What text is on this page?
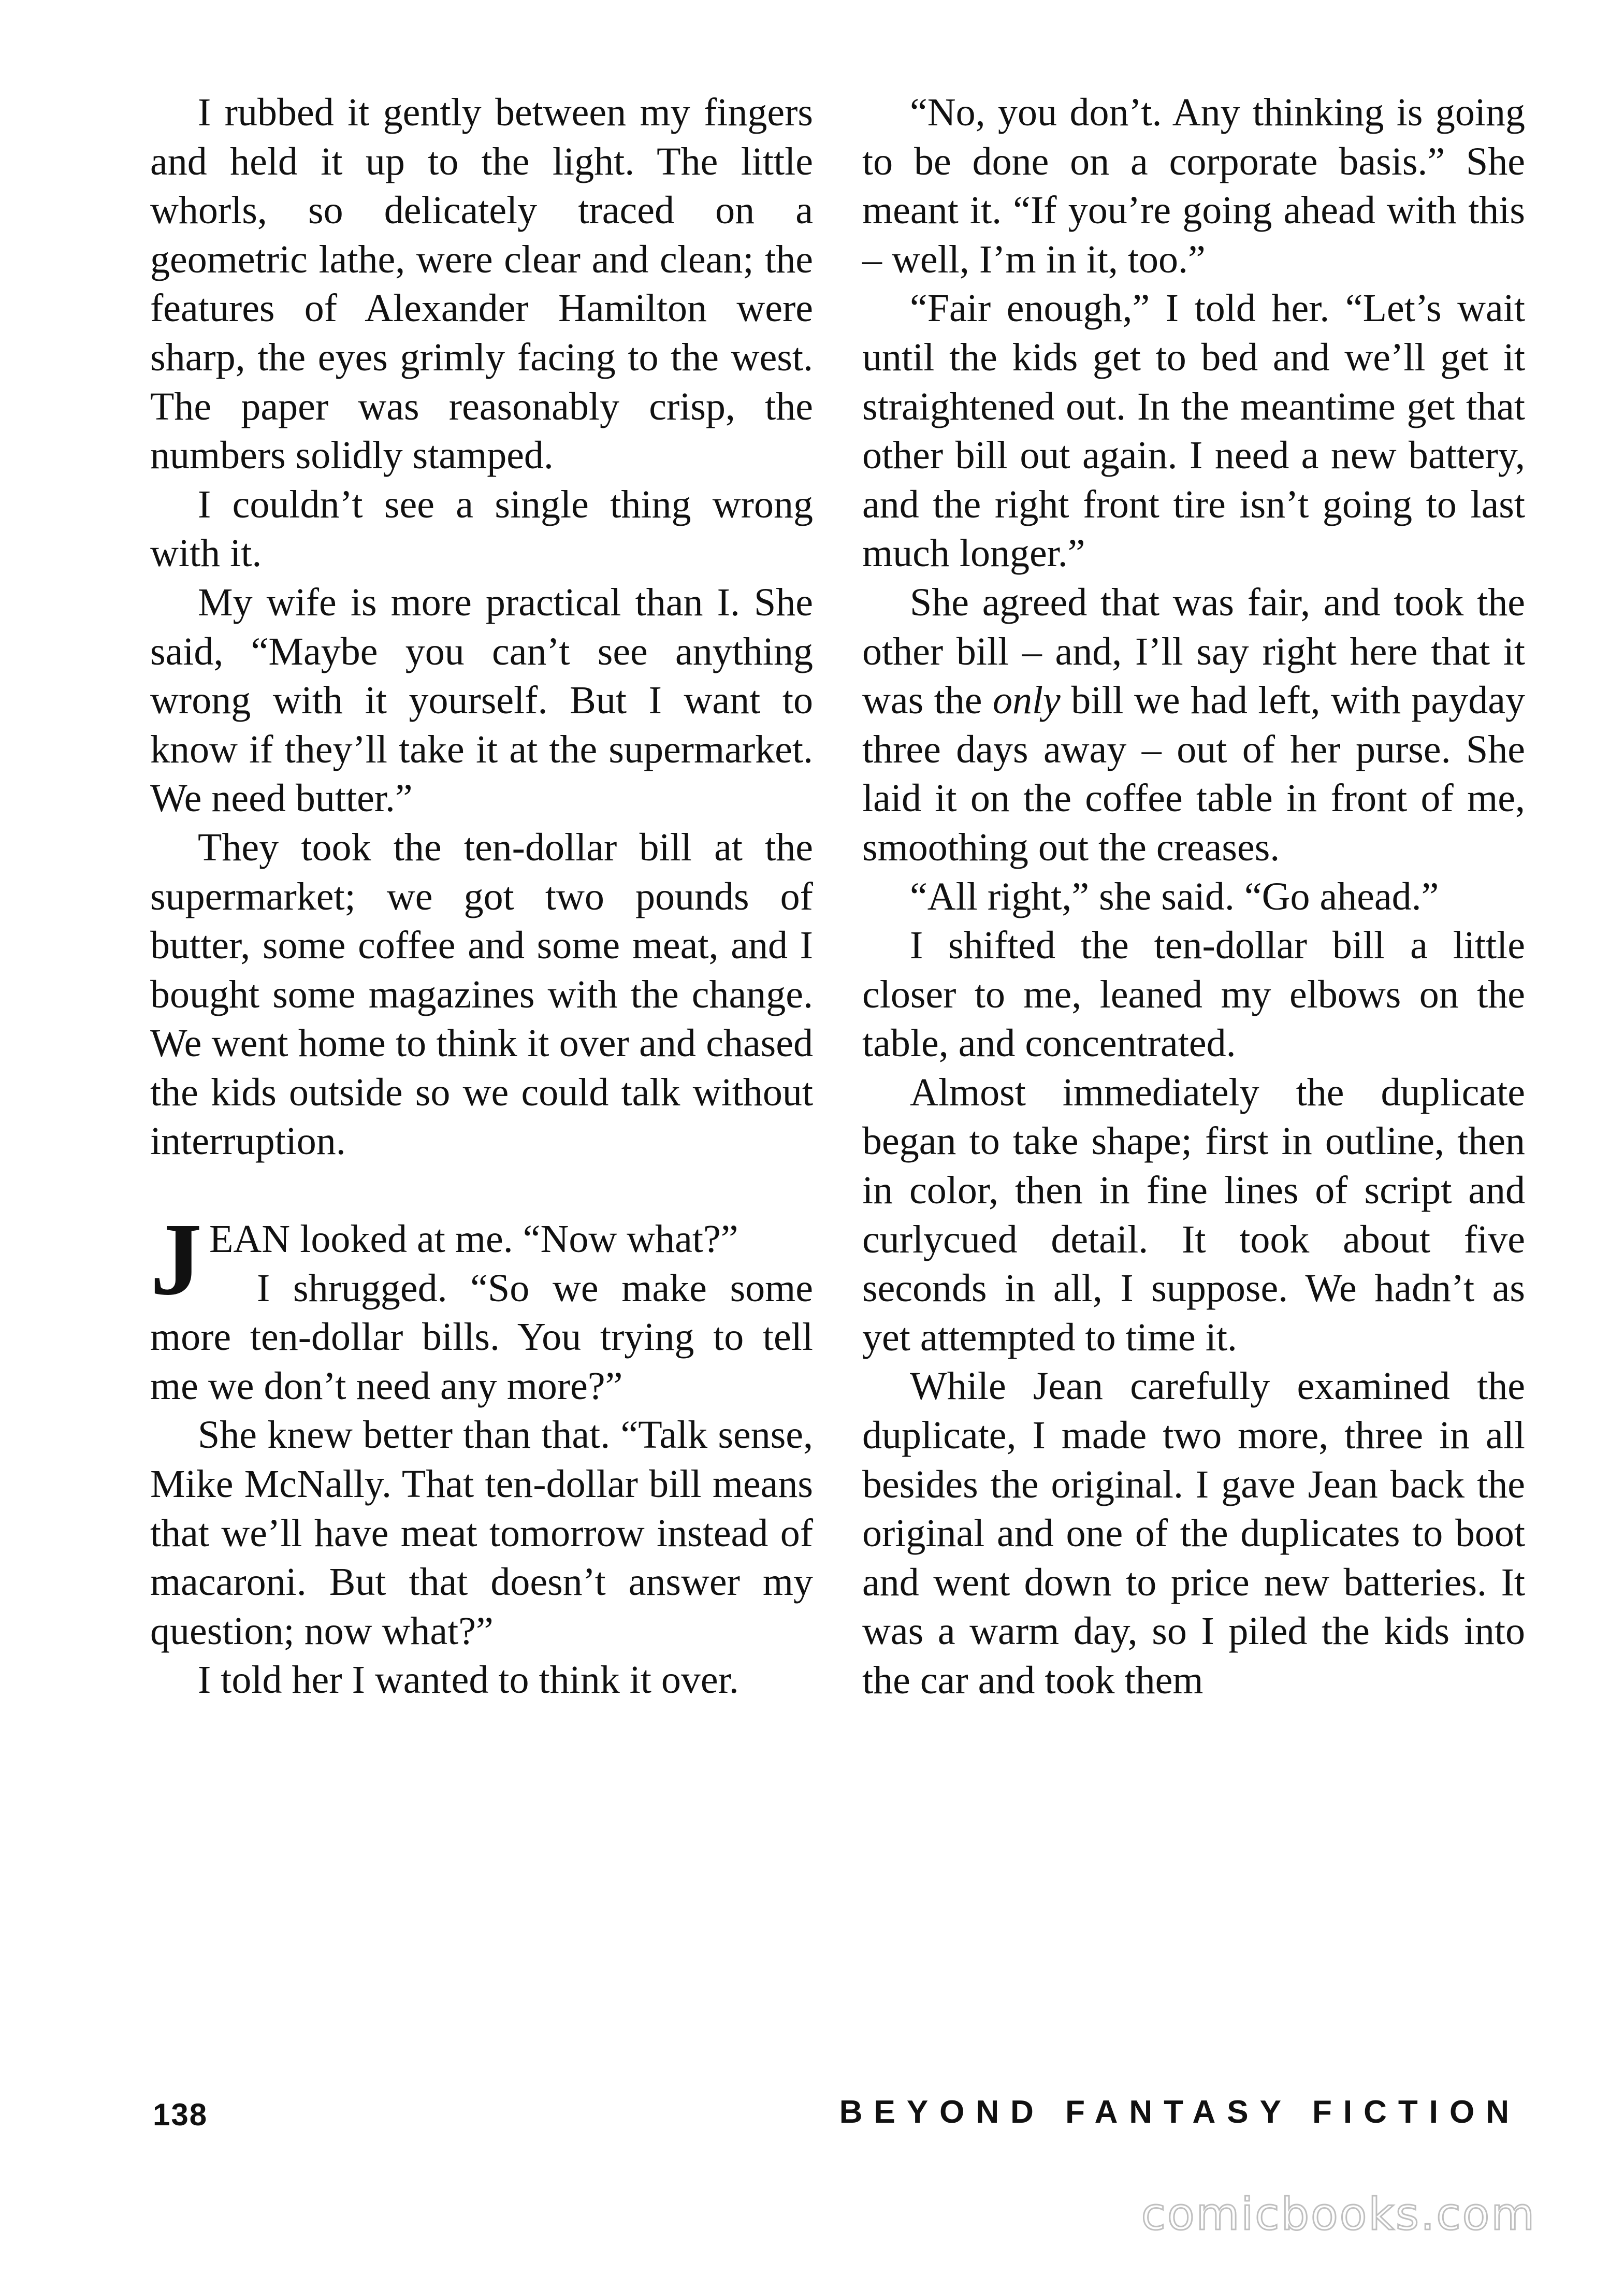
I rubbed it gently between my fingers and held it up to the light. The little whorls, so delicately traced on a geometric lathe, were clear and clean; the features of Alexander Hamilton were sharp, the eyes grimly facing to the west. The paper was reasonably crisp, the numbers solidly stamped.

I couldn’t see a single thing wrong with it.

My wife is more practical than I. She said, “Maybe you can’t see anything wrong with it yourself. But I want to know if they’ll take it at the supermarket. We need butter.”

They took the ten-dollar bill at the supermarket; we got two pounds of butter, some coffee and some meat, and I bought some magazines with the change. We went home to think it over and chased the kids outside so we could talk without interruption.

JEAN looked at me. “Now what?”

I shrugged. “So we make some more ten-dollar bills. You trying to tell me we don’t need any more?”

She knew better than that. “Talk sense, Mike McNally. That ten-dollar bill means that we’ll have meat tomorrow instead of macaroni. But that doesn’t answer my question; now what?”

I told her I wanted to think it over.

“No, you don’t. Any thinking is going to be done on a corporate basis.” She meant it. “If you’re going ahead with this – well, I’m in it, too.”

“Fair enough,” I told her. “Let’s wait until the kids get to bed and we’ll get it straightened out. In the meantime get that other bill out again. I need a new battery, and the right front tire isn’t going to last much longer.”

She agreed that was fair, and took the other bill – and, I’ll say right here that it was the only bill we had left, with payday three days away – out of her purse. She laid it on the coffee table in front of me, smoothing out the creases.

“All right,” she said. “Go ahead.”

I shifted the ten-dollar bill a little closer to me, leaned my elbows on the table, and concentrated.

Almost immediately the duplicate began to take shape; first in outline, then in color, then in fine lines of script and curlycued detail. It took about five seconds in all, I suppose. We hadn’t as yet attempted to time it.

While Jean carefully examined the duplicate, I made two more, three in all besides the original. I gave Jean back the original and one of the duplicates to boot and went down to price new batteries. It was a warm day, so I piled the kids into the car and took them

138	BEYOND FANTASY FICTION
comicbooks.com
